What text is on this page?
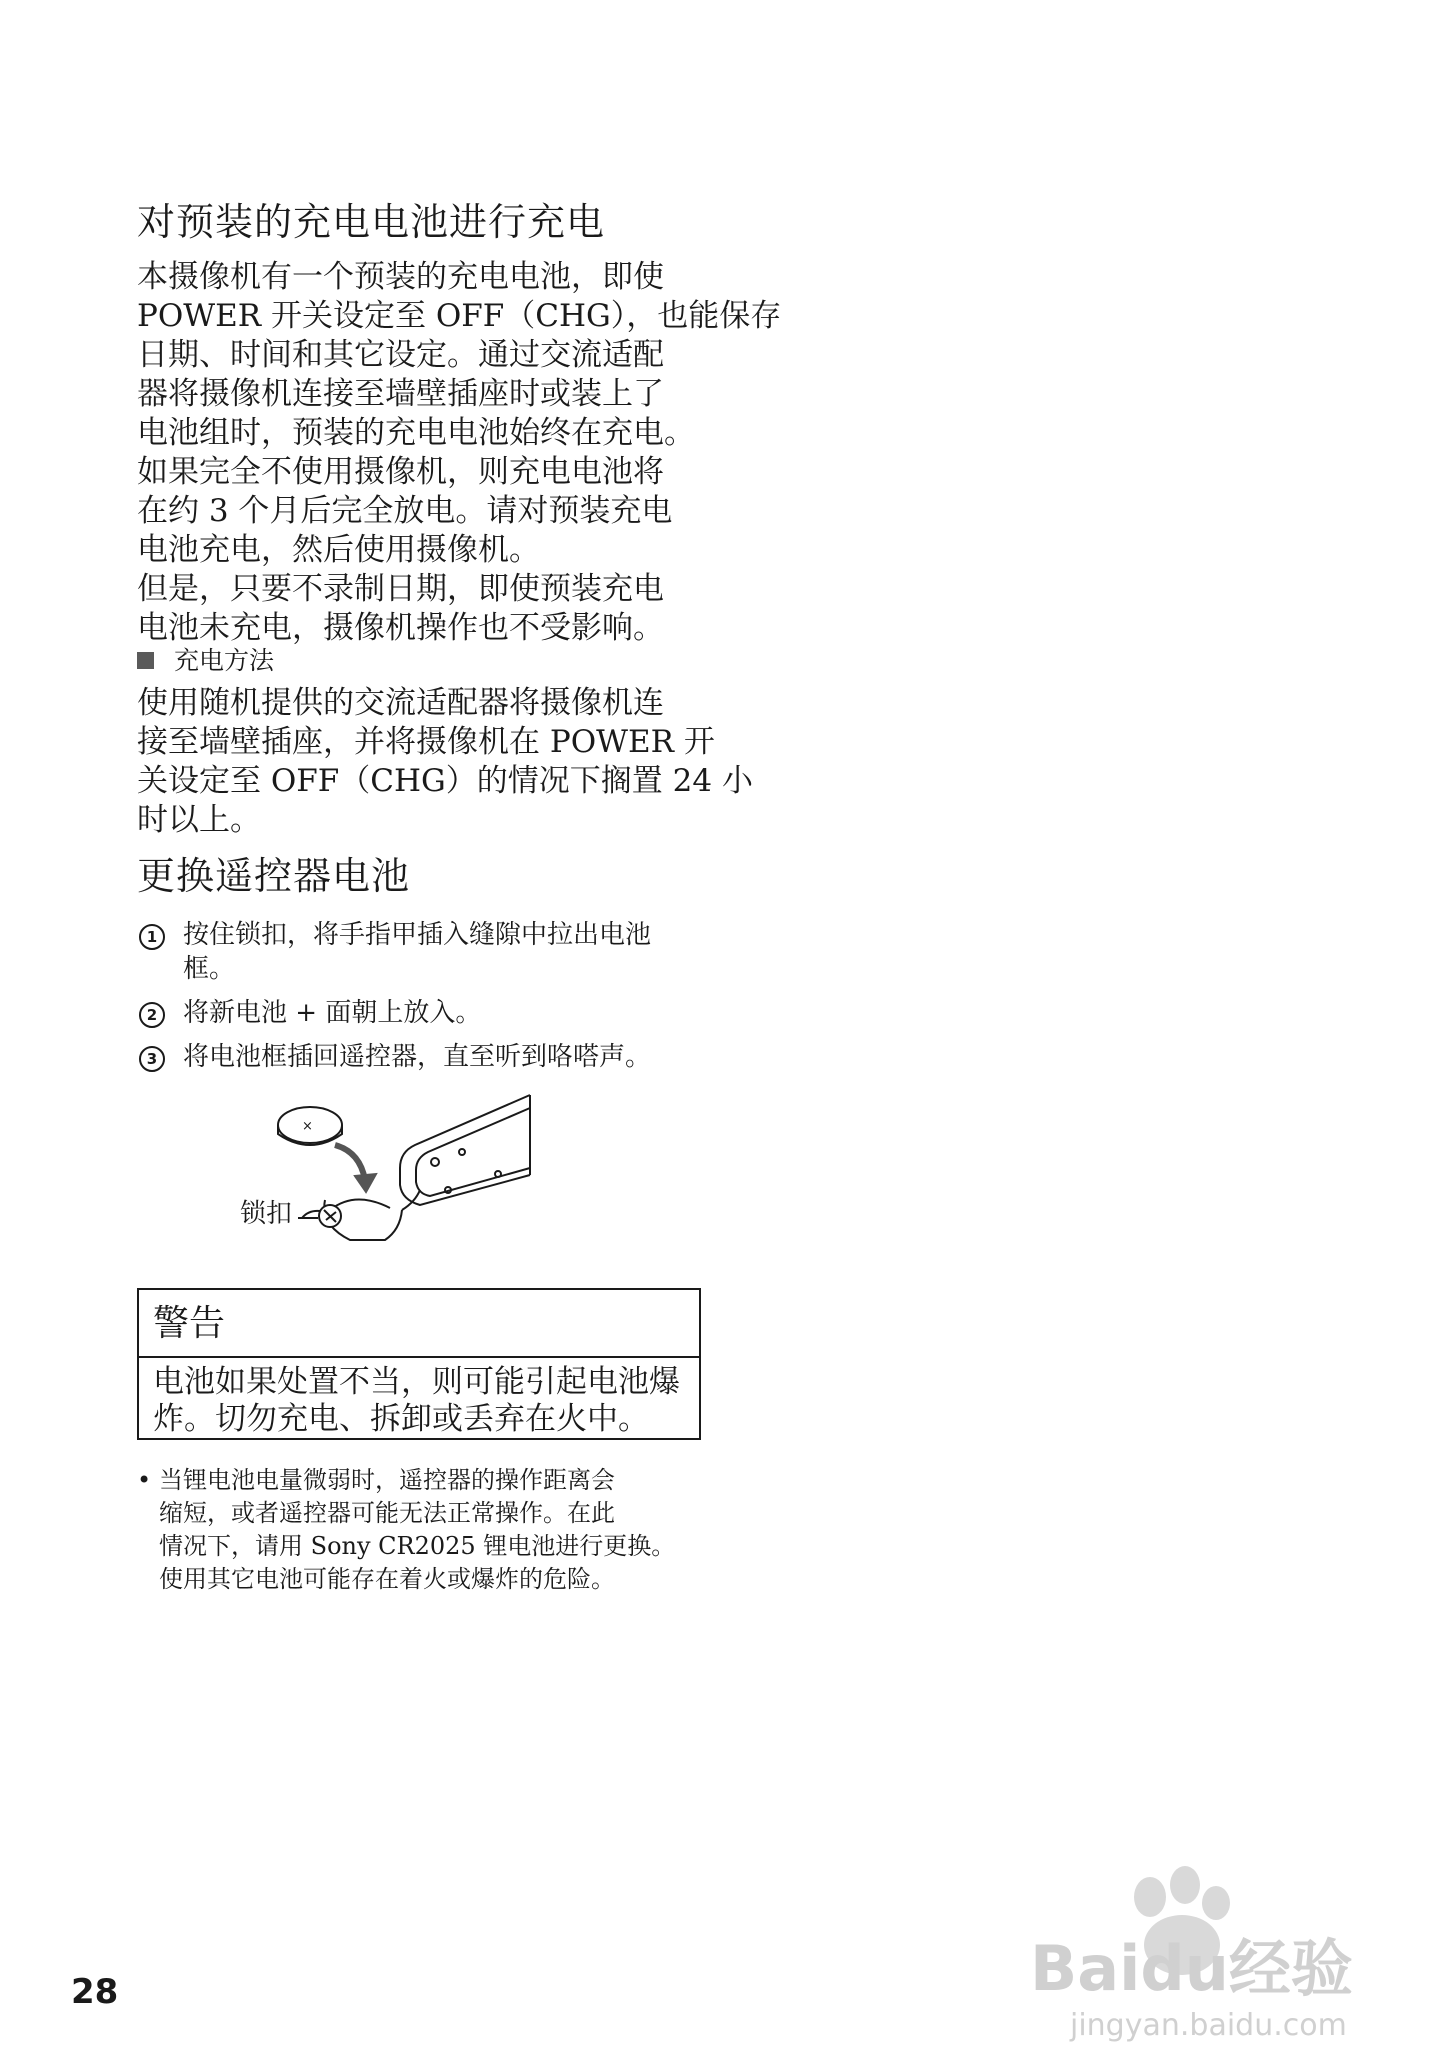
对预装的充电电池进行充电
本摄像机有一个预装的充电电池，即使
POWER 开关设定至 OFF（CHG），也能保存
日期、时间和其它设定。通过交流适配
器将摄像机连接至墙壁插座时或装上了
电池组时，预装的充电电池始终在充电。
如果完全不使用摄像机，则充电电池将
在约 3 个月后完全放电。请对预装充电
电池充电，然后使用摄像机。
但是，只要不录制日期，即使预装充电
电池未充电，摄像机操作也不受影响。
充电方法
使用随机提供的交流适配器将摄像机连
接至墙壁插座，并将摄像机在 POWER 开
关设定至 OFF（CHG）的情况下搁置 24 小
时以上。
更换遥控器电池
1 按住锁扣，将手指甲插入缝隙中拉出电池
框。
2 将新电池 + 面朝上放入。
3 将电池框插回遥控器，直至听到咯嗒声。
×
锁扣
警告
电池如果处置不当，则可能引起电池爆
炸。切勿充电、拆卸或丢弃在火中。
• 当锂电池电量微弱时，遥控器的操作距离会
缩短，或者遥控器可能无法正常操作。在此
情况下，请用 Sony CR2025 锂电池进行更换。
使用其它电池可能存在着火或爆炸的危险。
28	Baidu经验
jingyan.baidu.com
